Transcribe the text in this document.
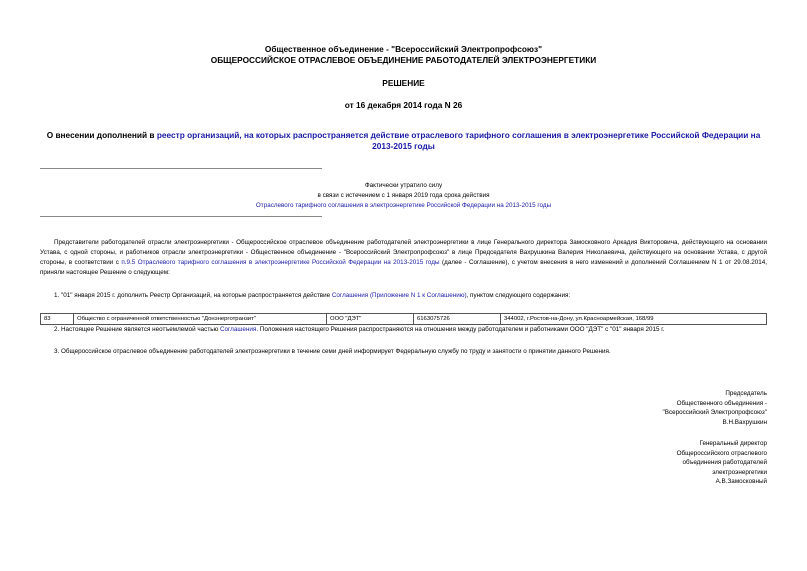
Общественное объединение - "Всероссийский Электропрофсоюз"
ОБЩЕРОССИЙСКОЕ ОТРАСЛЕВОЕ ОБЪЕДИНЕНИЕ РАБОТОДАТЕЛЕЙ ЭЛЕКТРОЭНЕРГЕТИКИ
РЕШЕНИЕ
от 16 декабря 2014 года N 26
О внесении дополнений в реестр организаций, на которых распространяется действие отраслевого тарифного соглашения в электроэнергетике Российской Федерации на 2013-2015 годы
Фактически утратило силу
в связи с истечением с 1 января 2019 года срока действия
Отраслевого тарифного соглашения в электроэнергетике Российской Федерации на 2013-2015 годы
Представители работодателей отрасли электроэнергетики - Общероссийское отраслевое объединение работодателей электроэнергетики в лице Генерального директора Замосковного Аркадия Викторовича, действующего на основании Устава, с одной стороны, и работников отрасли электроэнергетики - Общественное объединение - "Всероссийский Электропрофсоюз" в лице Председателя Вахрушкина Валерия Николаевича, действующего на основании Устава, с другой стороны, в соответствии с п.9.5 Отраслевого тарифного соглашения в электроэнергетике Российской Федерации на 2013-2015 годы (далее - Соглашение), с учетом внесения в него изменений и дополнений Соглашением N 1 от 29.08.2014, приняли настоящее Решение о следующем:
1. "01" января 2015 г. дополнить Реестр Организаций, на которые распространяется действие Соглашения (Приложение N 1 к Соглашению), пунктом следующего содержания:
83	Общество с ограниченной ответственностью "Донэнерготранзит"	ООО "ДЭТ"	6163075726	344002, г.Ростов-на-Дону, ул.Красноармейская, 168/99
2. Настоящее Решение является неотъемлемой частью Соглашения. Положения настоящего Решения распространяются на отношения между работодателем и работниками ООО "ДЭТ" с "01" января 2015 г.
3. Общероссийское отраслевое объединение работодателей электроэнергетики в течение семи дней информирует Федеральную службу по труду и занятости о принятии данного Решения.
Председатель
Общественного объединения -
"Всероссийский Электропрофсоюз"
В.Н.Вахрушкин
Генеральный директор
Общероссийского отраслевого
объединения работодателей
электроэнергетики
А.В.Замосковный
